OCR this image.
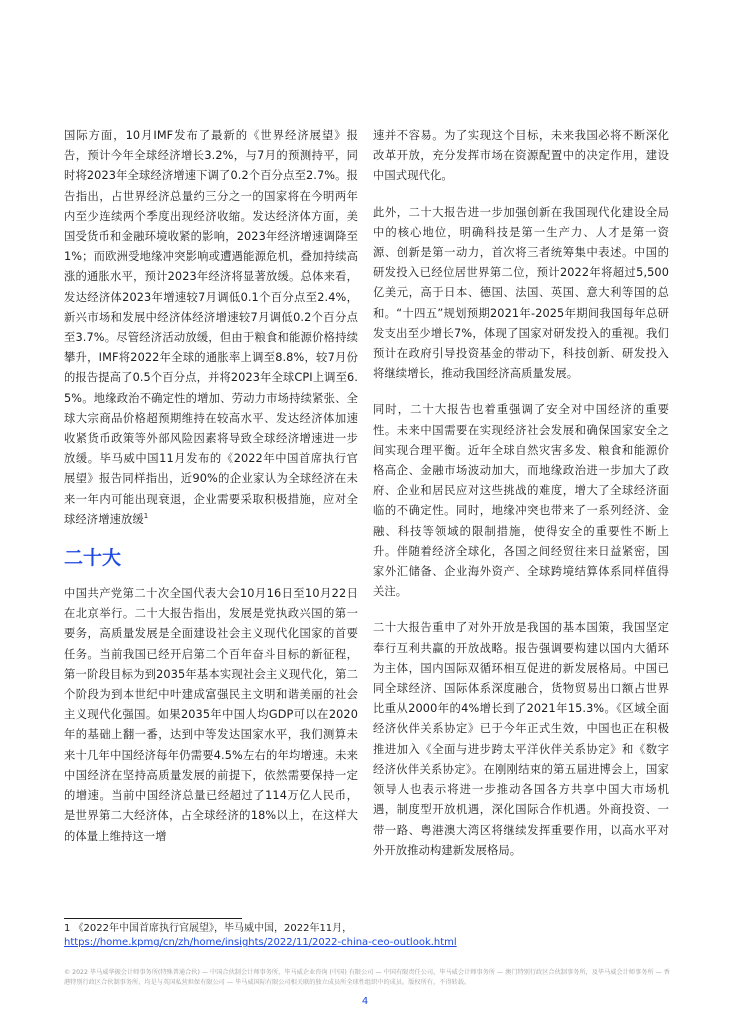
国际方面，10月IMF发布了最新的《世界经济展望》报告，预计今年全球经济增长3.2%，与7月的预测持平，同时将2023年全球经济增速下调了0.2个百分点至2.7%。报告指出，占世界经济总量约三分之一的国家将在今明两年内至少连续两个季度出现经济收缩。发达经济体方面，美国受货币和金融环境收紧的影响，2023年经济增速调降至1%；而欧洲受地缘冲突影响或遭遇能源危机，叠加持续高涨的通胀水平，预计2023年经济将显著放缓。总体来看，发达经济体2023年增速较7月调低0.1个百分点至2.4%，新兴市场和发展中经济体经济增速较7月调低0.2个百分点至3.7%。尽管经济活动放缓，但由于粮食和能源价格持续攀升，IMF将2022年全球的通胀率上调至8.8%，较7月份的报告提高了0.5个百分点，并将2023年全球CPI上调至6.5%。地缘政治不确定性的增加、劳动力市场持续紧张、全球大宗商品价格超预期维持在较高水平、发达经济体加速收紧货币政策等外部风险因素将导致全球经济增速进一步放缓。毕马威中国11月发布的《2022年中国首席执行官展望》报告同样指出，近90%的企业家认为全球经济在未来一年内可能出现衰退，企业需要采取积极措施，应对全球经济增速放缓$^1$

二十大

中国共产党第二十次全国代表大会10月16日至10月22日在北京举行。二十大报告指出，发展是党执政兴国的第一要务，高质量发展是全面建设社会主义现代化国家的首要任务。当前我国已经开启第二个百年奋斗目标的新征程，第一阶段目标为到2035年基本实现社会主义现代化，第二个阶段为到本世纪中叶建成富强民主文明和谐美丽的社会主义现代化强国。如果2035年中国人均GDP可以在2020年的基础上翻一番，达到中等发达国家水平，我们测算未来十几年中国经济每年仍需要4.5%左右的年均增速。未来中国经济在坚持高质量发展的前提下，依然需要保持一定的增速。当前中国经济总量已经超过了114万亿人民币，是世界第二大经济体，占全球经济的18%以上，在这样大的体量上维持这一增

速并不容易。为了实现这个目标，未来我国必将不断深化改革开放，充分发挥市场在资源配置中的决定作用，建设中国式现代化。

此外，二十大报告进一步加强创新在我国现代化建设全局中的核心地位，明确科技是第一生产力、人才是第一资源、创新是第一动力，首次将三者统筹集中表述。中国的研发投入已经位居世界第二位，预计2022年将超过5,500亿美元，高于日本、德国、法国、英国、意大利等国的总和。“十四五”规划预期2021年-2025年期间我国每年总研发支出至少增长7%，体现了国家对研发投入的重视。我们预计在政府引导投资基金的带动下，科技创新、研发投入将继续增长，推动我国经济高质量发展。

同时，二十大报告也着重强调了安全对中国经济的重要性。未来中国需要在实现经济社会发展和确保国家安全之间实现合理平衡。近年全球自然灾害多发、粮食和能源价格高企、金融市场波动加大，而地缘政治进一步加大了政府、企业和居民应对这些挑战的难度，增大了全球经济面临的不确定性。同时，地缘冲突也带来了一系列经济、金融、科技等领域的限制措施，使得安全的重要性不断上升。伴随着经济全球化，各国之间经贸往来日益紧密，国家外汇储备、企业海外资产、全球跨境结算体系同样值得关注。

二十大报告重申了对外开放是我国的基本国策，我国坚定奉行互利共赢的开放战略。报告强调要构建以国内大循环为主体，国内国际双循环相互促进的新发展格局。中国已同全球经济、国际体系深度融合，货物贸易出口额占世界比重从2000年的4%增长到了2021年15.3%。《区域全面经济伙伴关系协定》已于今年正式生效，中国也正在积极推进加入《全面与进步跨太平洋伙伴关系协定》和《数字经济伙伴关系协定》。在刚刚结束的第五届进博会上，国家领导人也表示将进一步推动各国各方共享中国大市场机遇，制度型开放机遇，深化国际合作机遇。外商投资、一带一路、粤港澳大湾区将继续发挥重要作用，以高水平对外开放推动构建新发展格局。

1 《2022年中国首席执行官展望》，毕马威中国，2022年11月，
https://home.kpmg/cn/zh/home/insights/2022/11/2022-china-ceo-outlook.html
© 2022 毕马威华振会计师事务所(特殊普通合伙) — 中国合伙制会计师事务所，毕马威企业咨询 (中国) 有限公司 — 中国有限责任公司，毕马威会计师事务所 — 澳门特别行政区合伙制事务所，及毕马威会计师事务所 — 香港特别行政区合伙制事务所，均是与英国私营担保有限公司 — 毕马威国际有限公司相关联的独立成员所全球性组织中的成员。版权所有，不得转载。
4
